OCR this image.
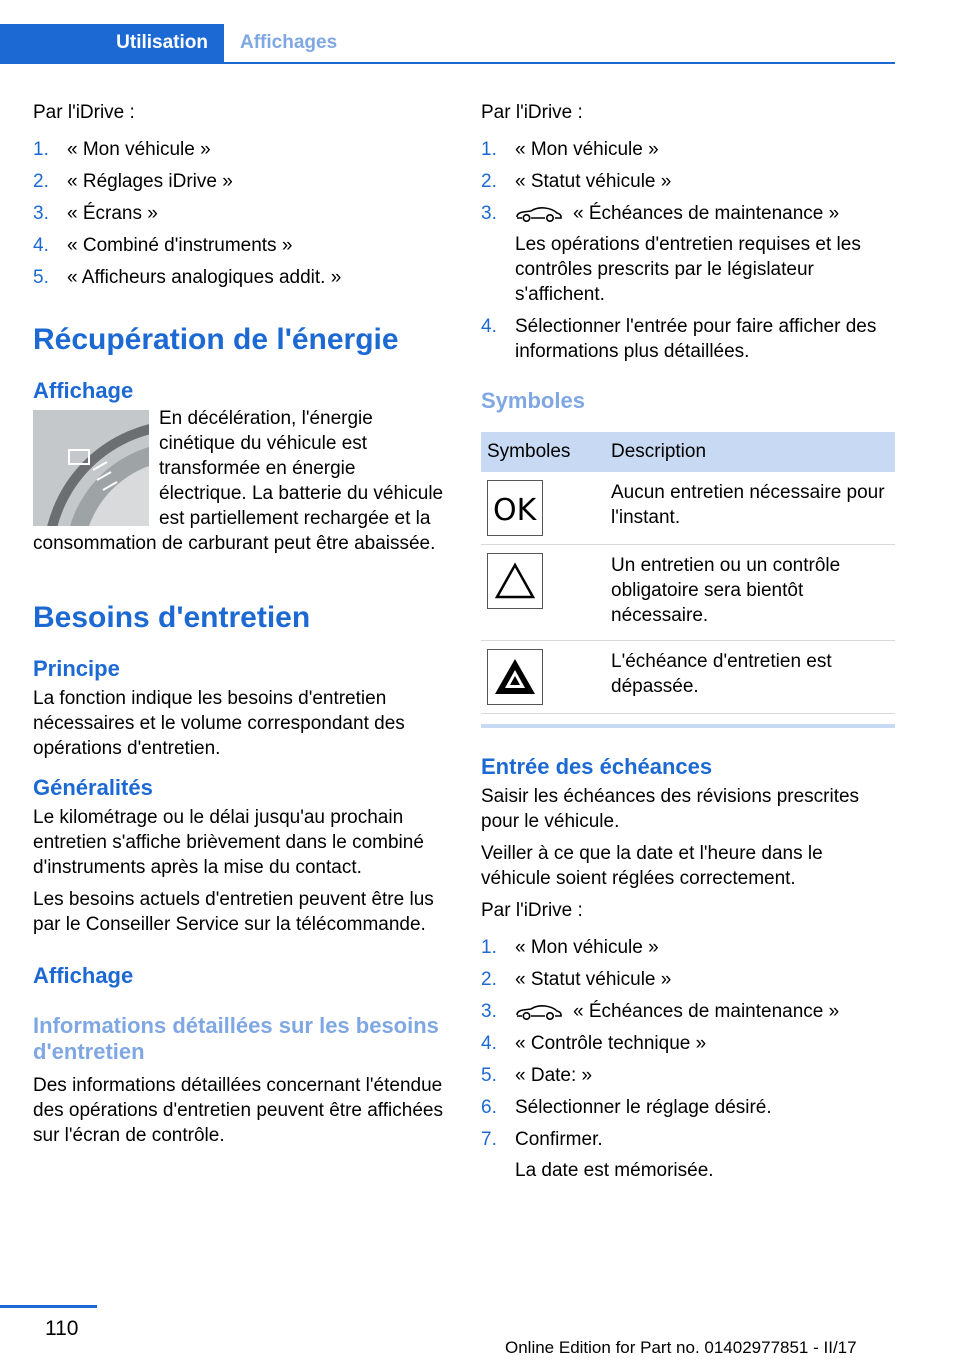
Utilisation	Affichages

Par l'iDrive :

1. « Mon véhicule »
2. « Réglages iDrive »
3. « Écrans »
4. « Combiné d'instruments »
5. « Afficheurs analogiques addit. »
Récupération de l'énergie
Affichage

En décélération, l'énergie cinétique du véhicule est transformée en énergie électrique. La batterie du véhicule est partiellement rechargée et la consommation de carburant peut être abaissée.

Besoins d'entretien
Principe

La fonction indique les besoins d'entretien nécessaires et le volume correspondant des opérations d'entretien.

Généralités

Le kilométrage ou le délai jusqu'au prochain entretien s'affiche brièvement dans le combiné d'instruments après la mise du contact.

Les besoins actuels d'entretien peuvent être lus par le Conseiller Service sur la télécommande.

Affichage
Informations détaillées sur les besoins d'entretien

Des informations détaillées concernant l'étendue des opérations d'entretien peuvent être affichées sur l'écran de contrôle.

Par l'iDrive :

1. « Mon véhicule »
2. « Statut véhicule »
3.	« Échéances de maintenance »
Les opérations d'entretien requises et les contrôles prescrits par le législateur s'affichent.
4. Sélectionner l'entrée pour faire afficher des informations plus détaillées.
Symboles
Symboles	Description

OK	Aucun entretien nécessaire pour l'instant.

	Un entretien ou un contrôle obligatoire sera bientôt nécessaire.

	L'échéance d'entretien est dépassée.
Entrée des échéances

Saisir les échéances des révisions prescrites pour le véhicule.

Veiller à ce que la date et l'heure dans le véhicule soient réglées correctement.

Par l'iDrive :

1. « Mon véhicule »
2. « Statut véhicule »
3.	« Échéances de maintenance »
4. « Contrôle technique »
5. « Date: »
6. Sélectionner le réglage désiré.
7. Confirmer.
La date est mémorisée.
110
Online Edition for Part no. 01402977851 - II/17
